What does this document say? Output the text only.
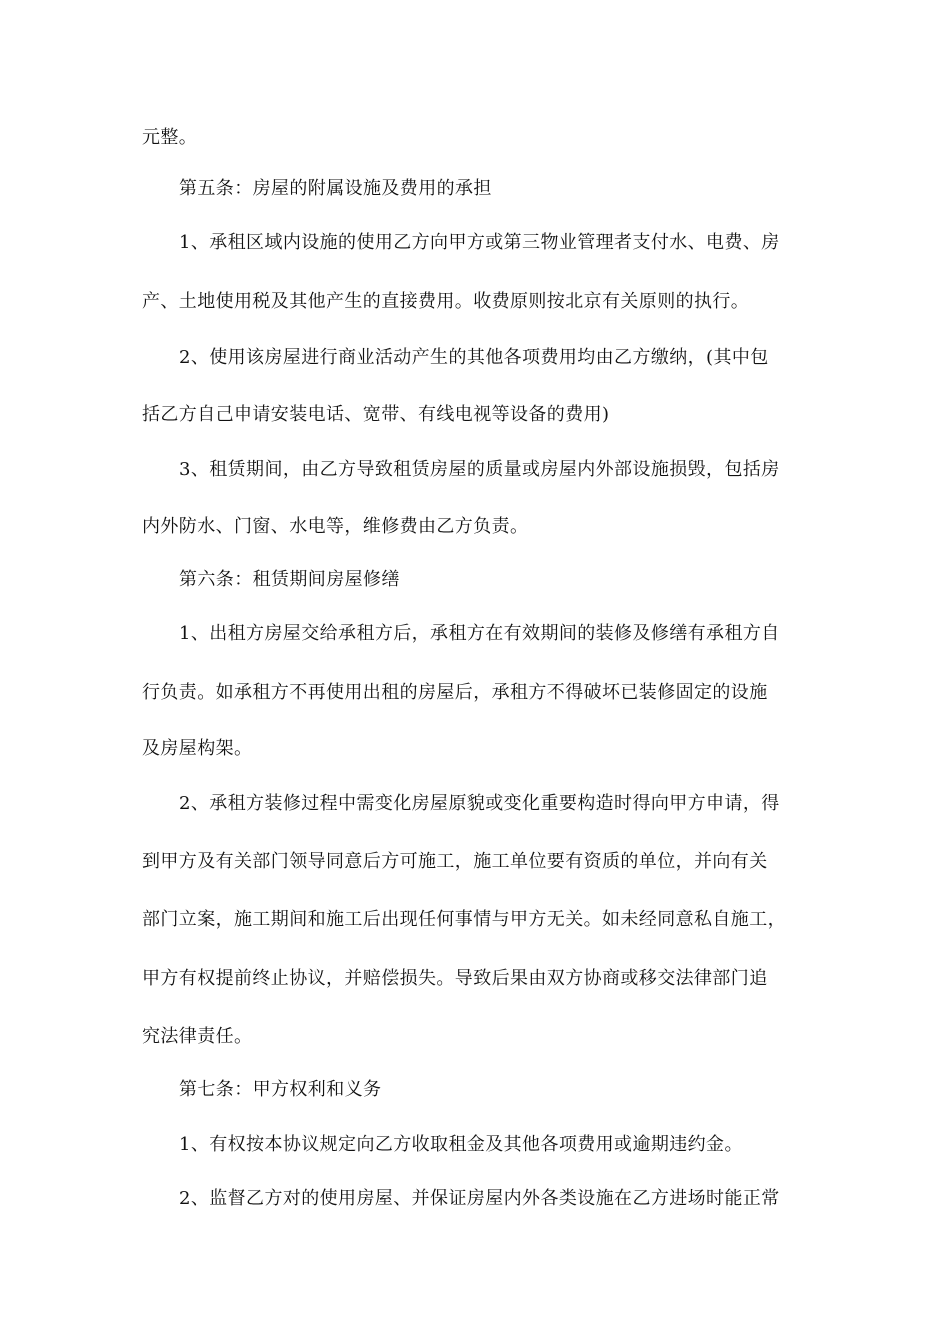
元整。
第五条：房屋的附属设施及费用的承担
1、承租区域内设施的使用乙方向甲方或第三物业管理者支付水、电费、房
产、土地使用税及其他产生的直接费用。收费原则按北京有关原则的执行。
2、使用该房屋进行商业活动产生的其他各项费用均由乙方缴纳，(其中包
括乙方自己申请安装电话、宽带、有线电视等设备的费用)
3、租赁期间，由乙方导致租赁房屋的质量或房屋内外部设施损毁，包括房
内外防水、门窗、水电等，维修费由乙方负责。
第六条：租赁期间房屋修缮
1、出租方房屋交给承租方后，承租方在有效期间的装修及修缮有承租方自
行负责。如承租方不再使用出租的房屋后，承租方不得破坏已装修固定的设施
及房屋构架。
2、承租方装修过程中需变化房屋原貌或变化重要构造时得向甲方申请，得
到甲方及有关部门领导同意后方可施工，施工单位要有资质的单位，并向有关
部门立案，施工期间和施工后出现任何事情与甲方无关。如未经同意私自施工，
甲方有权提前终止协议，并赔偿损失。导致后果由双方协商或移交法律部门追
究法律责任。
第七条：甲方权利和义务
1、有权按本协议规定向乙方收取租金及其他各项费用或逾期违约金。
2、监督乙方对的使用房屋、并保证房屋内外各类设施在乙方进场时能正常
